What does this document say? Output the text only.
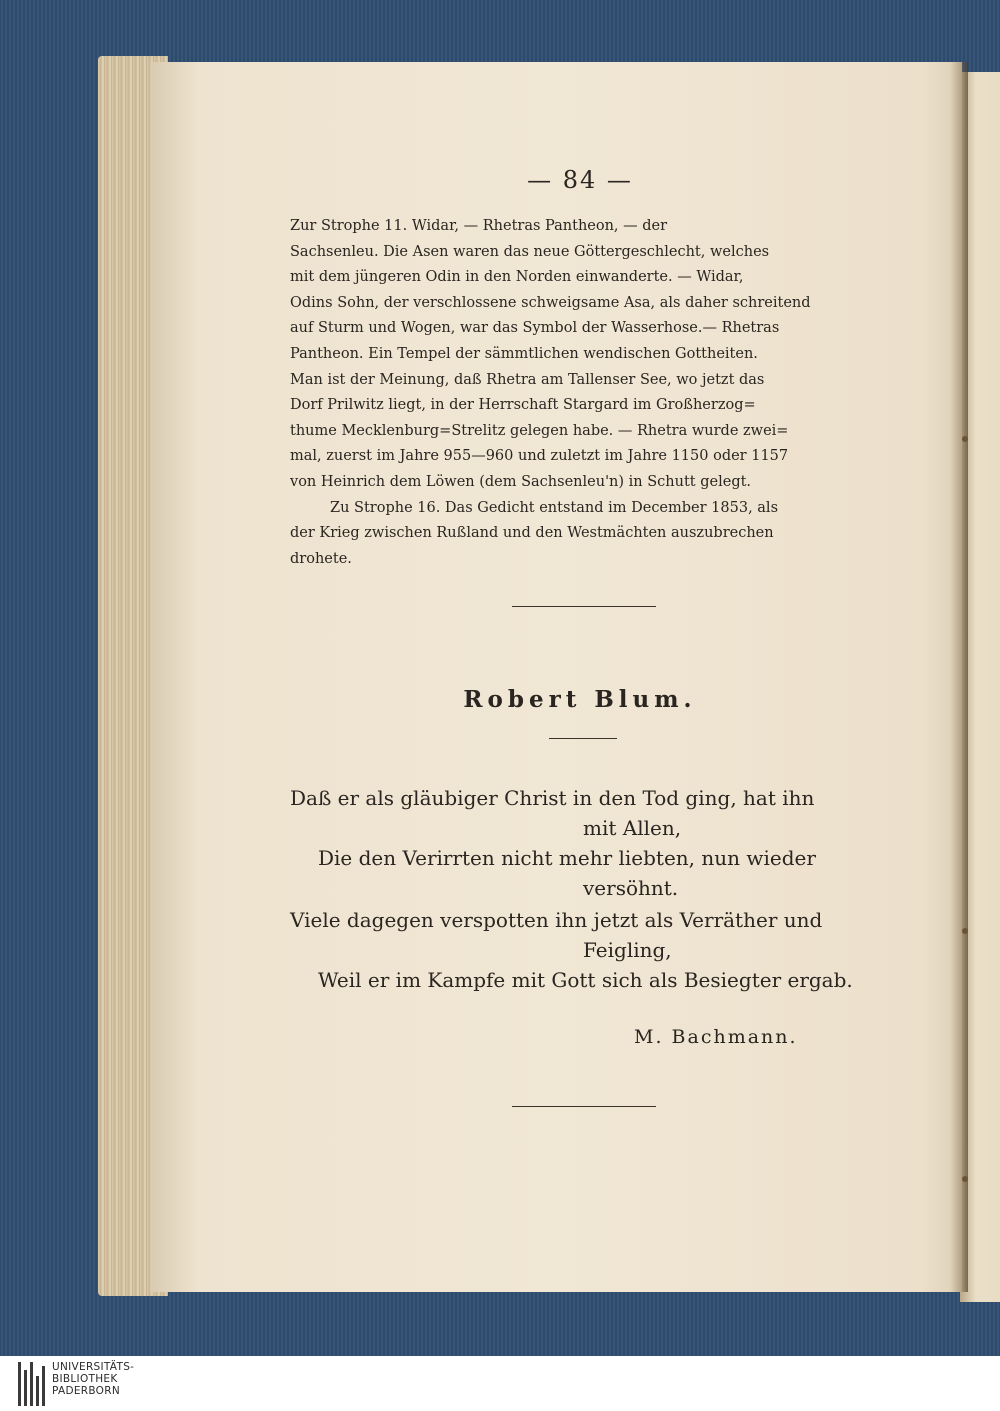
— 84 —
Zur Strophe 11. Widar, — Rhetras Pantheon, — der
Sachsenleu. Die Asen waren das neue Göttergeschlecht, welches
mit dem jüngeren Odin in den Norden einwanderte. — Widar,
Odins Sohn, der verschlossene schweigsame Asa, als daher schreitend
auf Sturm und Wogen, war das Symbol der Wasserhose.— Rhetras
Pantheon. Ein Tempel der sämmtlichen wendischen Gottheiten.
Man ist der Meinung, daß Rhetra am Tallenser See, wo jetzt das
Dorf Prilwitz liegt, in der Herrschaft Stargard im Großherzog=
thume Mecklenburg=Strelitz gelegen habe. — Rhetra wurde zwei=
mal, zuerst im Jahre 955—960 und zuletzt im Jahre 1150 oder 1157
von Heinrich dem Löwen (dem Sachsenleu'n) in Schutt gelegt.
Zu Strophe 16. Das Gedicht entstand im December 1853, als
der Krieg zwischen Rußland und den Westmächten auszubrechen
drohete.
Robert Blum.
Daß er als gläubiger Christ in den Tod ging, hat ihn
mit Allen,
Die den Verirrten nicht mehr liebten, nun wieder
versöhnt.
Viele dagegen verspotten ihn jetzt als Verräther und
Feigling,
Weil er im Kampfe mit Gott sich als Besiegter ergab.
M. Bachmann.
UNIVERSITÄTS-
BIBLIOTHEK
PADERBORN
